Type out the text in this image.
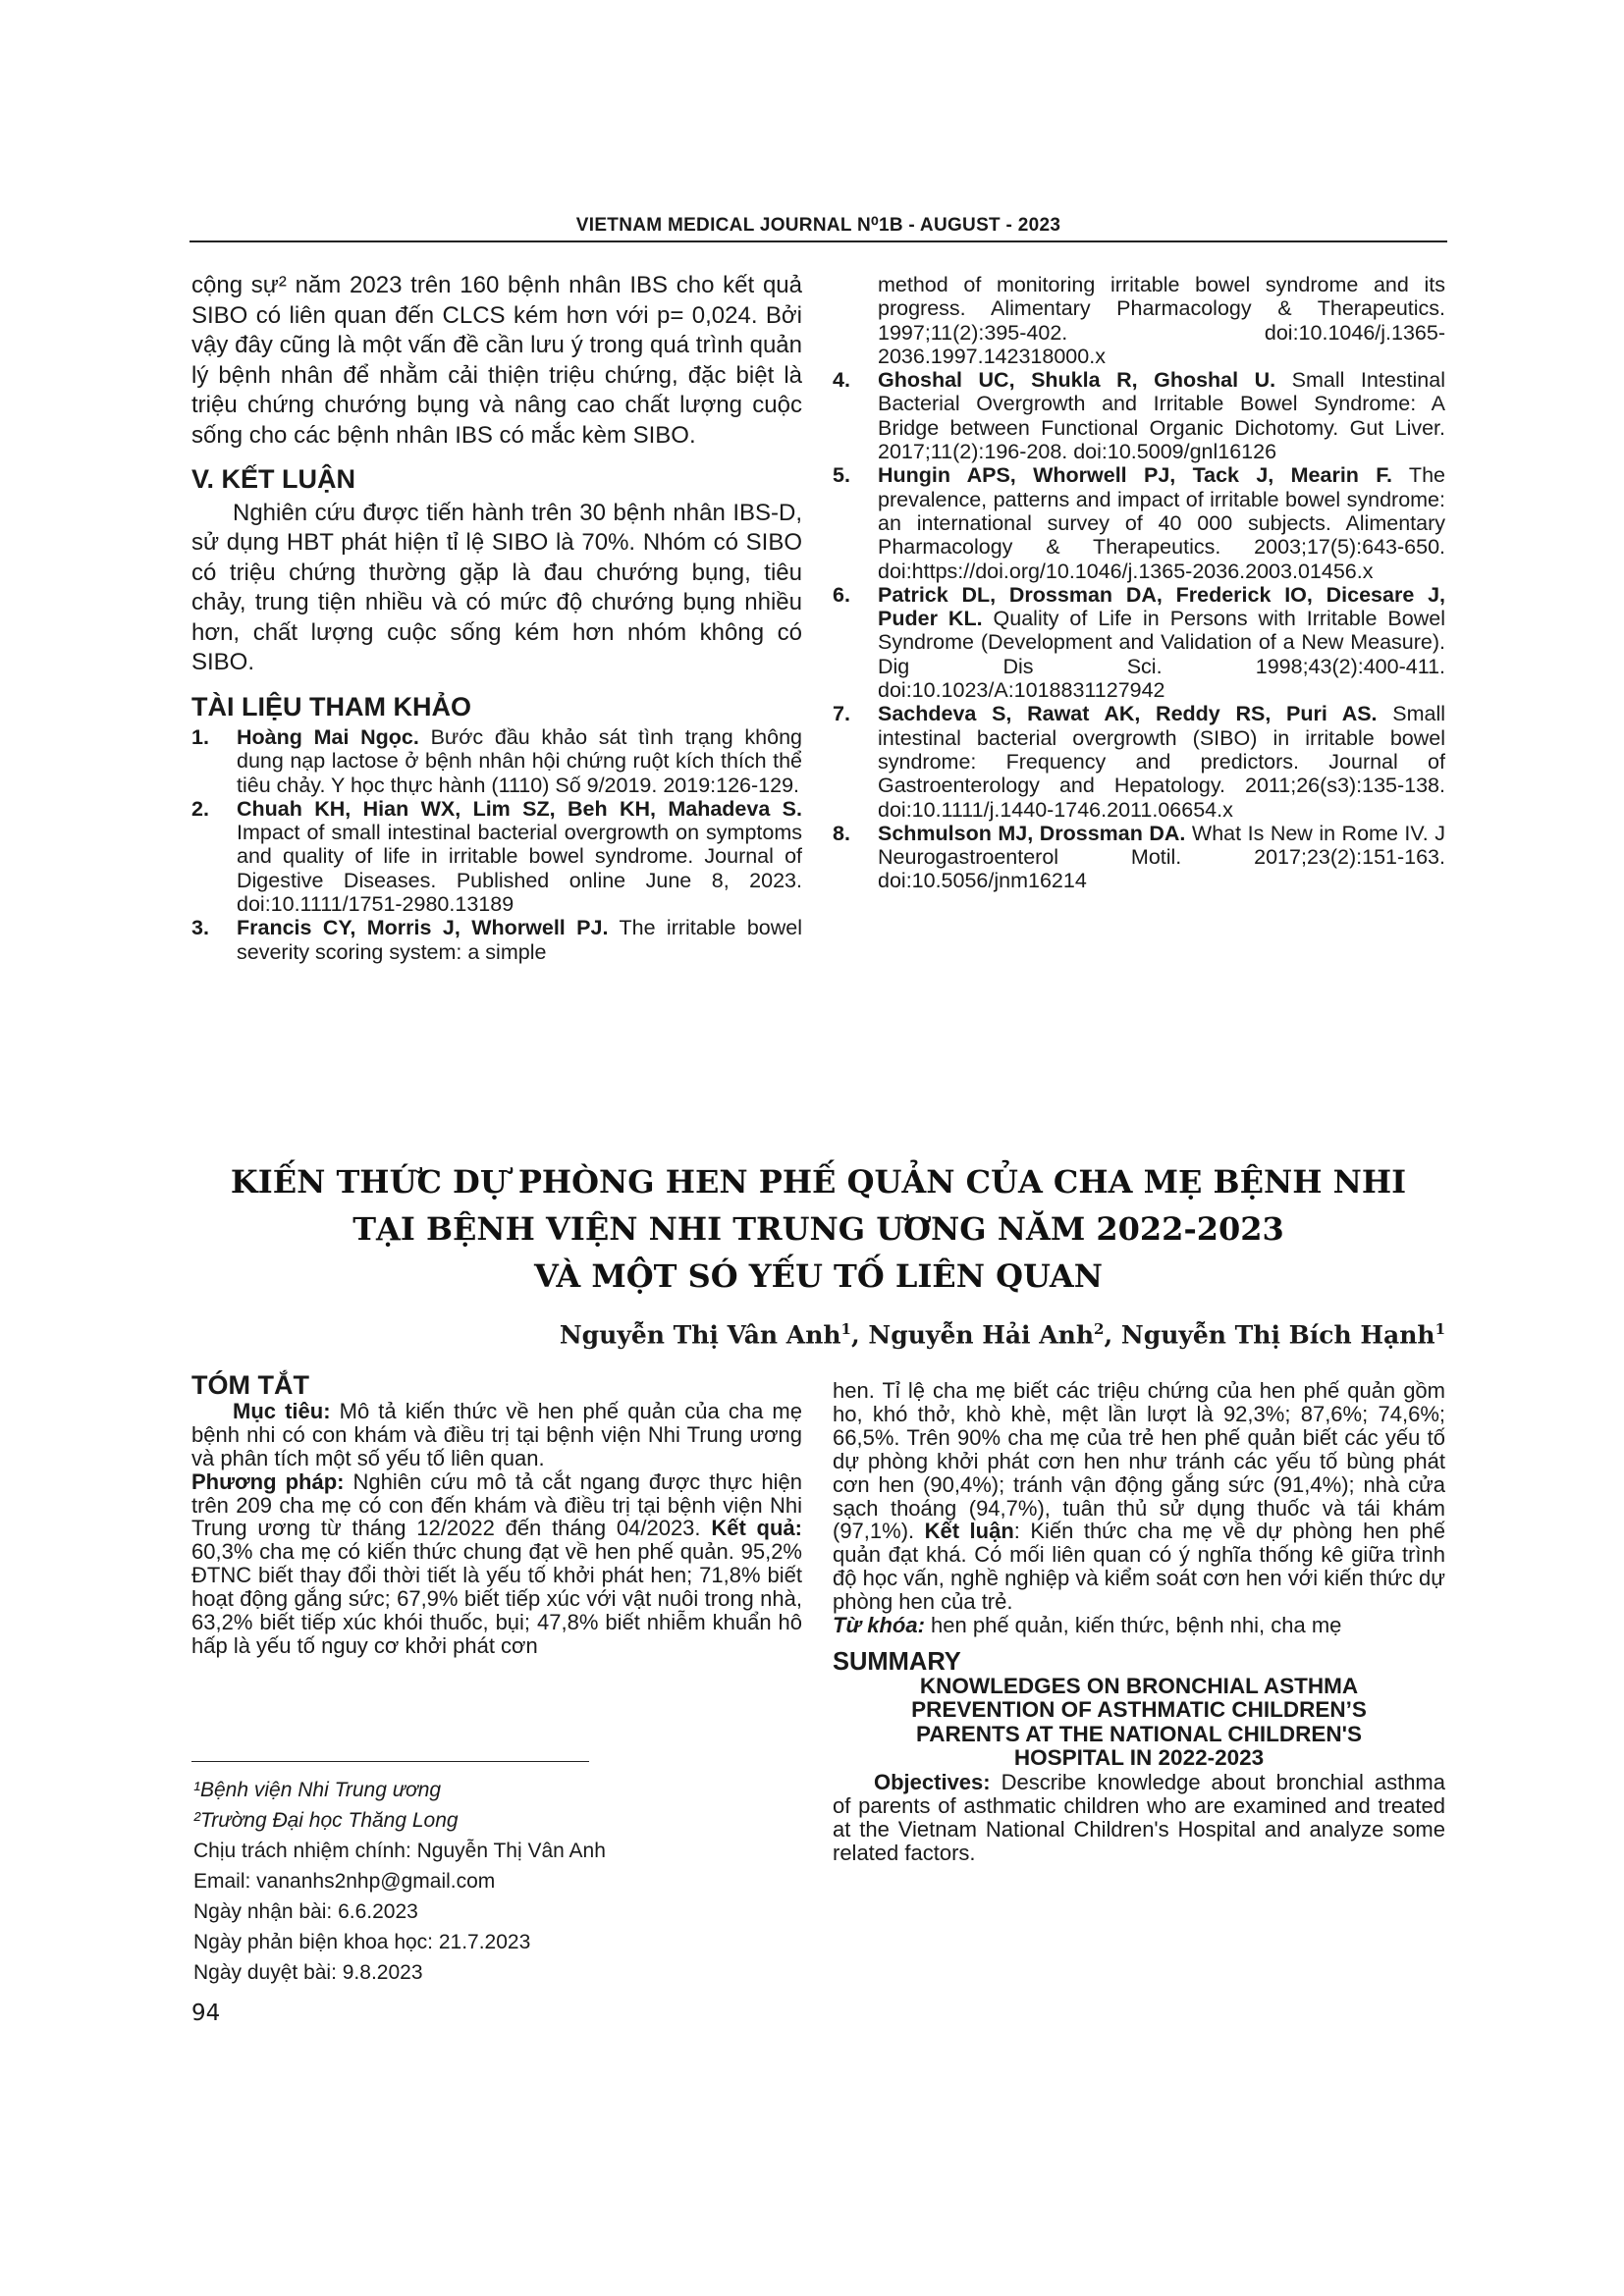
VIETNAM MEDICAL JOURNAL N⁰1B - AUGUST - 2023

cộng sự² năm 2023 trên 160 bệnh nhân IBS cho kết quả SIBO có liên quan đến CLCS kém hơn với p= 0,024. Bởi vậy đây cũng là một vấn đề cần lưu ý trong quá trình quản lý bệnh nhân để nhằm cải thiện triệu chứng, đặc biệt là triệu chứng chướng bụng và nâng cao chất lượng cuộc sống cho các bệnh nhân IBS có mắc kèm SIBO.

V. KẾT LUẬN

Nghiên cứu được tiến hành trên 30 bệnh nhân IBS-D, sử dụng HBT phát hiện tỉ lệ SIBO là 70%. Nhóm có SIBO có triệu chứng thường gặp là đau chướng bụng, tiêu chảy, trung tiện nhiều và có mức độ chướng bụng nhiều hơn, chất lượng cuộc sống kém hơn nhóm không có SIBO.

TÀI LIỆU THAM KHẢO

1.	Hoàng Mai Ngọc. Bước đầu khảo sát tình trạng không dung nạp lactose ở bệnh nhân hội chứng ruột kích thích thể tiêu chảy. Y học thực hành (1110) Số 9/2019. 2019:126-129.
2.	Chuah KH, Hian WX, Lim SZ, Beh KH, Mahadeva S. Impact of small intestinal bacterial overgrowth on symptoms and quality of life in irritable bowel syndrome. Journal of Digestive Diseases. Published online June 8, 2023. doi:10.1111/1751-2980.13189
3.	Francis CY, Morris J, Whorwell PJ. The irritable bowel severity scoring system: a simple
method of monitoring irritable bowel syndrome and its progress. Alimentary Pharmacology & Therapeutics. 1997;11(2):395-402. doi:10.1046/j.1365-2036.1997.142318000.x
4.	Ghoshal UC, Shukla R, Ghoshal U. Small Intestinal Bacterial Overgrowth and Irritable Bowel Syndrome: A Bridge between Functional Organic Dichotomy. Gut Liver. 2017;11(2):196-208. doi:10.5009/gnl16126
5.	Hungin APS, Whorwell PJ, Tack J, Mearin F. The prevalence, patterns and impact of irritable bowel syndrome: an international survey of 40 000 subjects. Alimentary Pharmacology & Therapeutics. 2003;17(5):643-650. doi:https://doi.org/10.1046/j.1365-2036.2003.01456.x
6.	Patrick DL, Drossman DA, Frederick IO, Dicesare J, Puder KL. Quality of Life in Persons with Irritable Bowel Syndrome (Development and Validation of a New Measure). Dig Dis Sci. 1998;43(2):400-411. doi:10.1023/A:1018831127942
7.	Sachdeva S, Rawat AK, Reddy RS, Puri AS. Small intestinal bacterial overgrowth (SIBO) in irritable bowel syndrome: Frequency and predictors. Journal of Gastroenterology and Hepatology. 2011;26(s3):135-138. doi:10.1111/j.1440-1746.2011.06654.x
8.	Schmulson MJ, Drossman DA. What Is New in Rome IV. J Neurogastroenterol Motil. 2017;23(2):151-163. doi:10.5056/jnm16214
KIẾN THỨC DỰ PHÒNG HEN PHẾ QUẢN CỦA CHA MẸ BỆNH NHI
TẠI BỆNH VIỆN NHI TRUNG ƯƠNG NĂM 2022-2023
VÀ MỘT SÓ YẾU TỐ LIÊN QUAN
Nguyễn Thị Vân Anh$^1$, Nguyễn Hải Anh$^2$, Nguyễn Thị Bích Hạnh$^1$

TÓM TẮT

Mục tiêu: Mô tả kiến thức về hen phế quản của cha mẹ bệnh nhi có con khám và điều trị tại bệnh viện Nhi Trung ương và phân tích một số yếu tố liên quan.

Phương pháp: Nghiên cứu mô tả cắt ngang được thực hiện trên 209 cha mẹ có con đến khám và điều trị tại bệnh viện Nhi Trung ương từ tháng 12/2022 đến tháng 04/2023. Kết quả: 60,3% cha mẹ có kiến thức chung đạt về hen phế quản. 95,2% ĐTNC biết thay đổi thời tiết là yếu tố khởi phát hen; 71,8% biết hoạt động gắng sức; 67,9% biết tiếp xúc với vật nuôi trong nhà, 63,2% biết tiếp xúc khói thuốc, bụi; 47,8% biết nhiễm khuẩn hô hấp là yếu tố nguy cơ khởi phát cơn

¹Bệnh viện Nhi Trung ương
²Trường Đại học Thăng Long
Chịu trách nhiệm chính: Nguyễn Thị Vân Anh
Email: vananhs2nhp@gmail.com
Ngày nhận bài: 6.6.2023
Ngày phản biện khoa học: 21.7.2023
Ngày duyệt bài: 9.8.2023

hen. Tỉ lệ cha mẹ biết các triệu chứng của hen phế quản gồm ho, khó thở, khò khè, mệt lần lượt là 92,3%; 87,6%; 74,6%; 66,5%. Trên 90% cha mẹ của trẻ hen phế quản biết các yếu tố dự phòng khởi phát cơn hen như tránh các yếu tố bùng phát cơn hen (90,4%); tránh vận động gắng sức (91,4%); nhà cửa sạch thoáng (94,7%), tuân thủ sử dụng thuốc và tái khám (97,1%). Kết luận: Kiến thức cha mẹ về dự phòng hen phế quản đạt khá. Có mối liên quan có ý nghĩa thống kê giữa trình độ học vấn, nghề nghiệp và kiểm soát cơn hen với kiến thức dự phòng hen của trẻ.

Từ khóa: hen phế quản, kiến thức, bệnh nhi, cha mẹ

SUMMARY

KNOWLEDGES ON BRONCHIAL ASTHMA
PREVENTION OF ASTHMATIC CHILDREN’S
PARENTS AT THE NATIONAL CHILDREN'S
HOSPITAL IN 2022-2023

Objectives: Describe knowledge about bronchial asthma of parents of asthmatic children who are examined and treated at the Vietnam National Children's Hospital and analyze some related factors.

94
